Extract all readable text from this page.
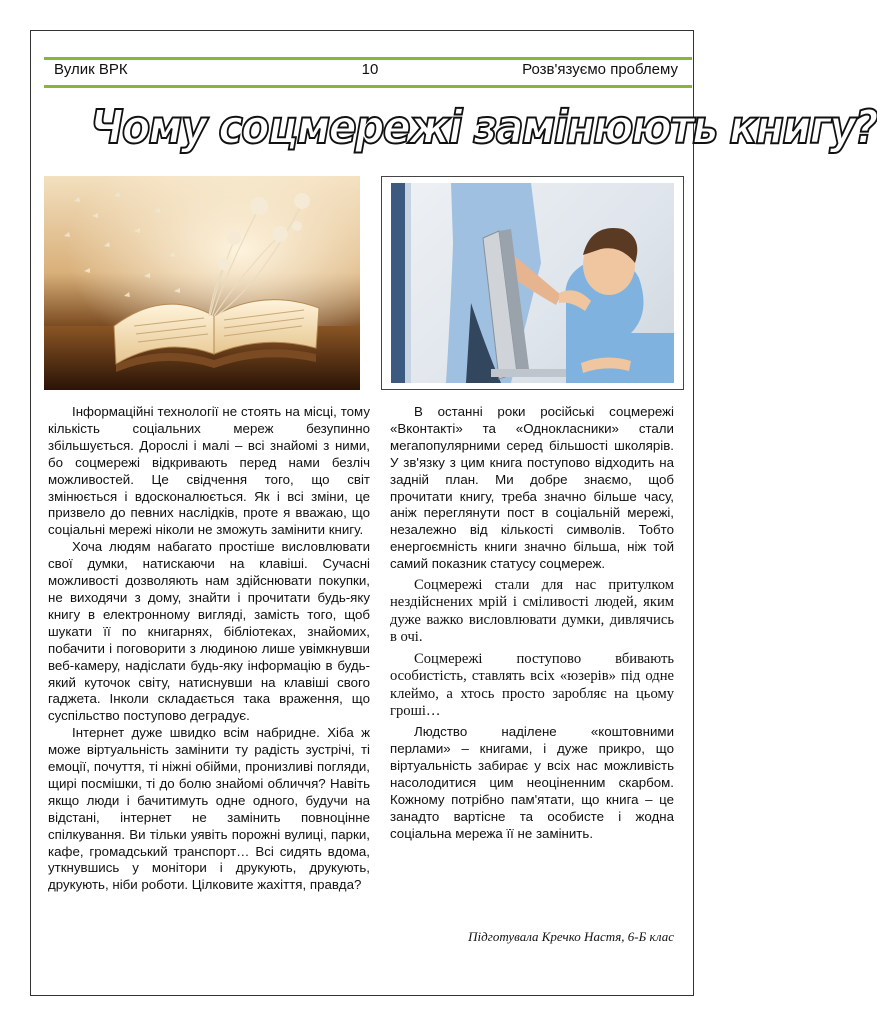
Вулик ВРК	10	Розв'язуємо проблему
Чому соцмережі замінюють книгу?

Інформаційні технології не стоять на місці, тому кількість соціальних мереж безупинно збільшується. Дорослі і малі – всі знайомі з ними, бо соцмережі відкривають перед нами безліч можливостей. Це свідчення того, що світ змінюється і вдосконалюється. Як і всі зміни, це призвело до певних наслідків, проте я вважаю, що соціальні мережі ніколи не зможуть замінити книгу.

Хоча людям набагато простіше висловлювати свої думки, натискаючи на клавіші. Сучасні можливості дозволяють нам здійснювати покупки, не виходячи з дому, знайти і прочитати будь-яку книгу в електронному вигляді, замість того, щоб шукати її по книгарнях, бібліотеках, знайомих, побачити і поговорити з людиною лише увімкнувши веб-камеру, надіслати будь-яку інформацію в будь-який куточок світу, натиснувши на клавіші свого гаджета. Інколи складається така враження, що суспільство поступово деградує.

Інтернет дуже швидко всім набридне. Хіба ж може віртуальність замінити ту радість зустрічі, ті емоції, почуття, ті ніжні обійми, пронизливі погляди, щирі посмішки, ті до болю знайомі обличчя? Навіть якщо люди і бачитимуть одне одного, будучи на відстані, інтернет не замінить повноцінне спілкування. Ви тільки уявіть порожні вулиці, парки, кафе, громадський транспорт… Всі сидять вдома, уткнувшись у монітори і друкують, друкують, друкують, ніби роботи. Цілковите жахіття, правда?

В останні роки російські соцмережі «Вконтакті» та «Однокласники» стали мегапопулярними серед більшості школярів. У зв'язку з цим книга поступово відходить на задній план. Ми добре знаємо, щоб прочитати книгу, треба значно більше часу, аніж переглянути пост в соціальній мережі, незалежно від кількості символів. Тобто енергоємність книги значно більша, ніж той самий показник статусу соцмереж.

Соцмережі стали для нас притулком нездійснених мрій і сміливості людей, яким дуже важко висловлювати думки, дивлячись в очі.

Соцмережі поступово вбивають особистість, ставлять всіх «юзерів» під одне клеймо, а хтось просто заробляє на цьому гроші…

Людство наділене «коштовними перлами» – книгами, і дуже прикро, що віртуальність забирає у всіх нас можливість насолодитися цим неоціненним скарбом. Кожному потрібно пам'ятати, що книга – це занадто вартісне та особисте і жодна соціальна мережа її не замінить.

Підготувала Кречко Настя, 6-Б клас
